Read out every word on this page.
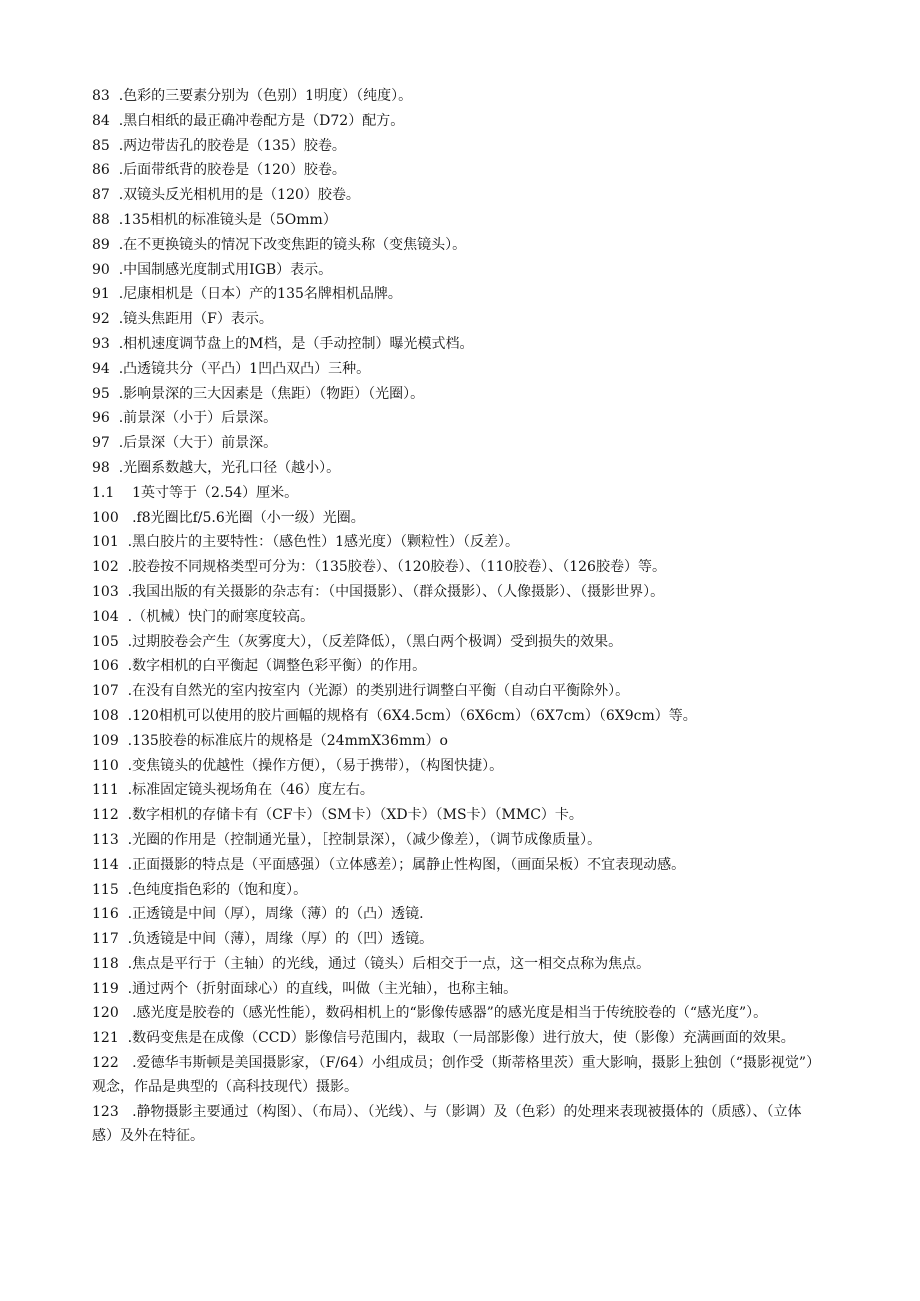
83  .色彩的三要素分别为（色别）1明度）（纯度）。
84  .黑白相纸的最正确冲卷配方是（D72）配方。
85  .两边带齿孔的胶卷是（135）胶卷。
86  .后面带纸背的胶卷是（120）胶卷。
87  .双镜头反光相机用的是（120）胶卷。
88  .135相机的标准镜头是（5Omm）
89  .在不更换镜头的情况下改变焦距的镜头称（变焦镜头）。
90  .中国制感光度制式用IGB）表示。
91  .尼康相机是（日本）产的135名牌相机品牌。
92  .镜头焦距用（F）表示。
93  .相机速度调节盘上的M档，是（手动控制）曝光模式档。
94  .凸透镜共分（平凸）1凹凸双凸）三种。
95  .影响景深的三大因素是（焦距）（物距）（光圈）。
96  .前景深（小于）后景深。
97  .后景深（大于）前景深。
98  .光圈系数越大，光孔口径（越小）。
1.1    1英寸等于（2.54）厘米。
100   .f8光圈比f/5.6光圈（小一级）光圈。
101  .黑白胶片的主要特性：（感色性）1感光度）（颗粒性）（反差）。
102  .胶卷按不同规格类型可分为：（135胶卷）、（120胶卷）、（110胶卷）、（126胶卷）等。
103  .我国出版的有关摄影的杂志有：（中国摄影）、（群众摄影）、（人像摄影）、（摄影世界）。
104  .（机械）快门的耐寒度较高。
105  .过期胶卷会产生（灰雾度大），（反差降低），（黑白两个极调）受到损失的效果。
106  .数字相机的白平衡起（调整色彩平衡）的作用。
107  .在没有自然光的室内按室内（光源）的类别进行调整白平衡（自动白平衡除外）。
108  .120相机可以使用的胶片画幅的规格有（6X4.5cm）（6X6cm）（6X7cm）（6X9cm）等。
109  .135胶卷的标准底片的规格是（24mmX36mm）o
110  .变焦镜头的优越性（操作方便），（易于携带），（构图快捷）。
111  .标准固定镜头视场角在（46）度左右。
112  .数字相机的存储卡有（CF卡）（SM卡）（XD卡）（MS卡）（MMC）卡。
113  .光圈的作用是（控制通光量），［控制景深），（减少像差），（调节成像质量）。
114  .正面摄影的特点是（平面感强）（立体感差）；属静止性构图，（画面呆板）不宜表现动感。
115  .色纯度指色彩的（饱和度）。
116  .正透镜是中间（厚），周缘（薄）的（凸）透镜.
117  .负透镜是中间（薄），周缘（厚）的（凹）透镜。
118  .焦点是平行于（主轴）的光线，通过（镜头）后相交于一点，这一相交点称为焦点。
119  .通过两个（折射面球心）的直线，叫做（主光轴），也称主轴。
120   .感光度是胶卷的（感光性能），数码相机上的“影像传感器”的感光度是相当于传统胶卷的（“感光度”）。
121  .数码变焦是在成像（CCD）影像信号范围内，裁取（一局部影像）进行放大，使（影像）充满画面的效果。
122   .爱德华韦斯顿是美国摄影家，（F/64）小组成员；创作受（斯蒂格里茨）重大影响，摄影上独创（“摄影视觉”）观念，作品是典型的（高科技现代）摄影。
123   .静物摄影主要通过（构图）、（布局）、（光线）、与（影调）及（色彩）的处理来表现被摄体的（质感）、（立体感）及外在特征。
